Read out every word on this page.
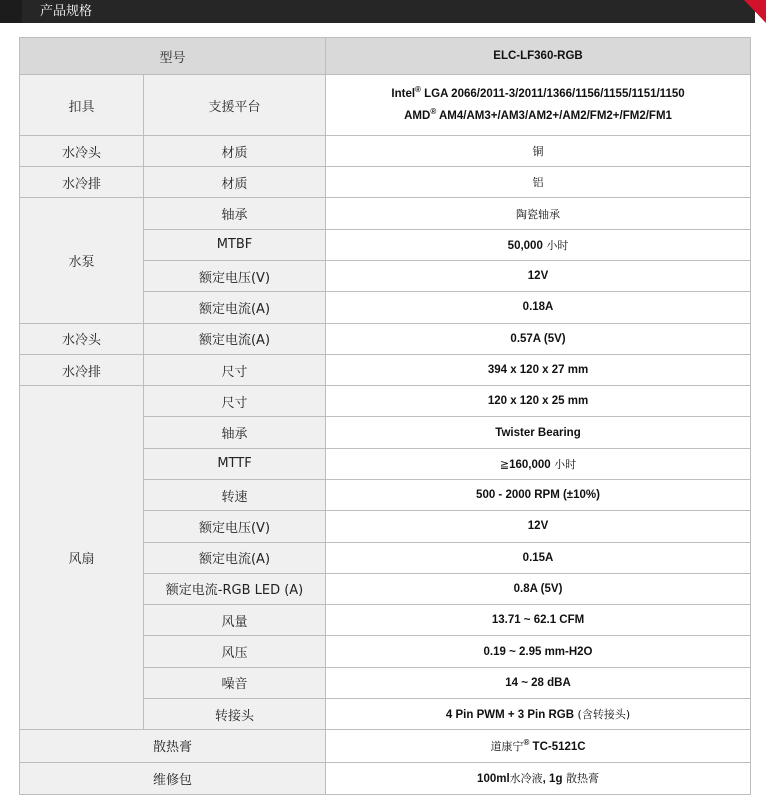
产品规格
型号		ELC-LF360-RGB
扣具	支援平台	Intel® LGA 2066/2011-3/2011/1366/1156/1155/1151/1150
AMD® AM4/AM3+/AM3/AM2+/AM2/FM2+/FM2/FM1

水冷头	材质	铜
水冷排	材质	铝
水泵	轴承	陶瓷轴承
	MTBF	50,000 小时
	额定电压(V)	12V
	额定电流(A)	0.18A
水冷头	额定电流(A)	0.57A (5V)
水冷排	尺寸	394 x 120 x 27 mm
风扇	尺寸	120 x 120 x 25 mm
	轴承	Twister Bearing
	MTTF	≧160,000 小时
	转速	500 - 2000 RPM (±10%)
	额定电压(V)	12V
	额定电流(A)	0.15A
	额定电流-RGB LED (A)	0.8A (5V)
	风量	13.71 ~ 62.1 CFM
	风压	0.19 ~ 2.95 mm-H2O
	噪音	14 ~ 28 dBA
	转接头	4 Pin PWM + 3 Pin RGB (含转接头)
散热膏		道康宁® TC-5121C
维修包		100ml水冷液, 1g 散热膏
